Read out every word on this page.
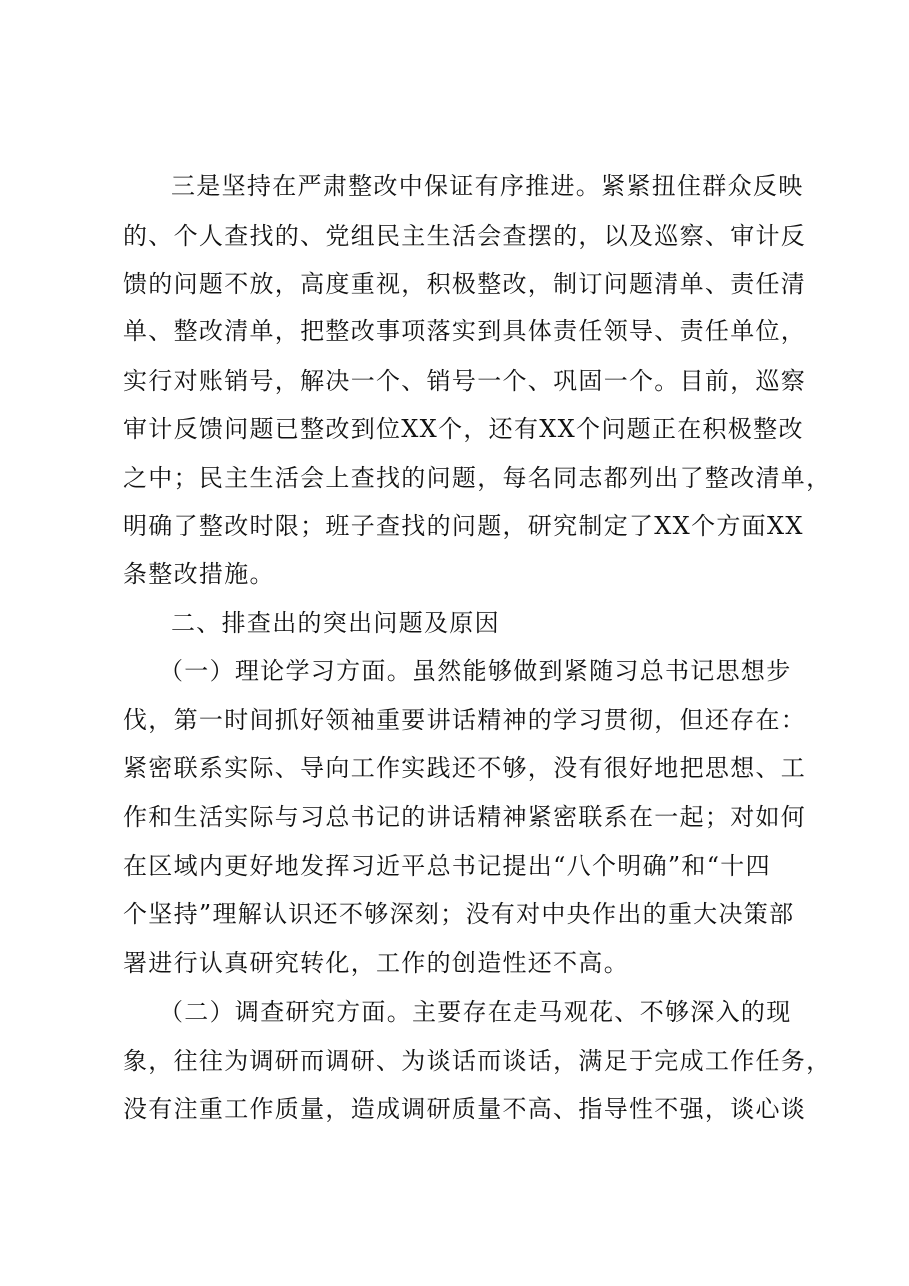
三是坚持在严肃整改中保证有序推进。紧紧扭住群众反映
的、个人查找的、党组民主生活会查摆的，以及巡察、审计反
馈的问题不放，高度重视，积极整改，制订问题清单、责任清
单、整改清单，把整改事项落实到具体责任领导、责任单位，
实行对账销号，解决一个、销号一个、巩固一个。目前，巡察
审计反馈问题已整改到位XX个，还有XX个问题正在积极整改
之中；民主生活会上查找的问题，每名同志都列出了整改清单，
明确了整改时限；班子查找的问题，研究制定了XX个方面XX
条整改措施。
二、排查出的突出问题及原因
（一）理论学习方面。虽然能够做到紧随习总书记思想步
伐，第一时间抓好领袖重要讲话精神的学习贯彻，但还存在：
紧密联系实际、导向工作实践还不够，没有很好地把思想、工
作和生活实际与习总书记的讲话精神紧密联系在一起；对如何
在区域内更好地发挥习近平总书记提出“八个明确”和“十四
个坚持”理解认识还不够深刻；没有对中央作出的重大决策部
署进行认真研究转化，工作的创造性还不高。
（二）调查研究方面。主要存在走马观花、不够深入的现
象，往往为调研而调研、为谈话而谈话，满足于完成工作任务，
没有注重工作质量，造成调研质量不高、指导性不强，谈心谈
